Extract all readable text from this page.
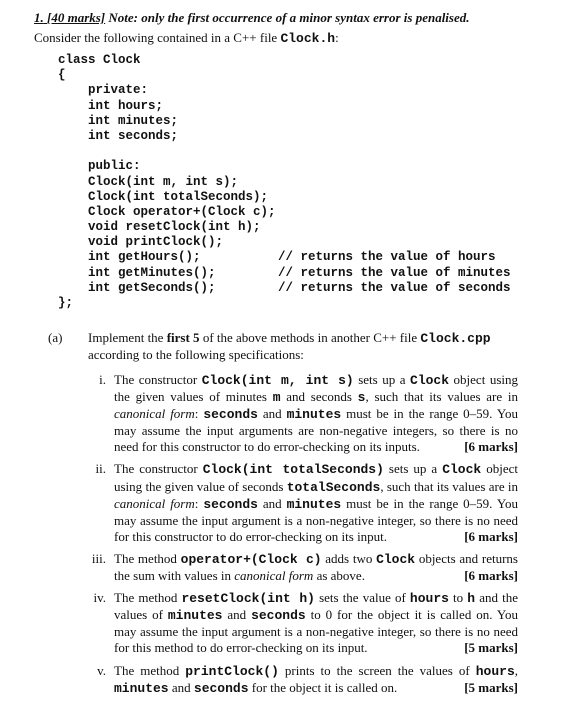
1. [40 marks] Note: only the first occurrence of a minor syntax error is penalised.
Consider the following contained in a C++ file Clock.h:
class Clock
{
private:
int hours;
int minutes;
int seconds;
public:
Clock(int m, int s);
Clock(int totalSeconds);
Clock operator+(Clock c);
void resetClock(int h);
void printClock();
int getHours();	// returns the value of hours
int getMinutes();	// returns the value of minutes
int getSeconds();	// returns the value of seconds
};
(a) Implement the first 5 of the above methods in another C++ file Clock.cpp according to the following specifications:
i. The constructor Clock(int m, int s) sets up a Clock object using the given values of minutes m and seconds s, such that its values are in canonical form: seconds and minutes must be in the range 0–59. You may assume the input arguments are non-negative integers, so there is no need for this constructor to do error-checking on its inputs.	[6 marks]
ii. The constructor Clock(int totalSeconds) sets up a Clock object using the given value of seconds totalSeconds, such that its values are in canonical form: seconds and minutes must be in the range 0–59. You may assume the input argument is a non-negative integer, so there is no need for this constructor to do error-checking on its input.	[6 marks]
iii. The method operator+(Clock c) adds two Clock objects and returns the sum with values in canonical form as above.	[6 marks]
iv. The method resetClock(int h) sets the value of hours to h and the values of minutes and seconds to 0 for the object it is called on. You may assume the input argument is a non-negative integer, so there is no need for this method to do error-checking on its input.	[5 marks]
v. The method printClock() prints to the screen the values of hours, minutes and seconds for the object it is called on.	[5 marks]
